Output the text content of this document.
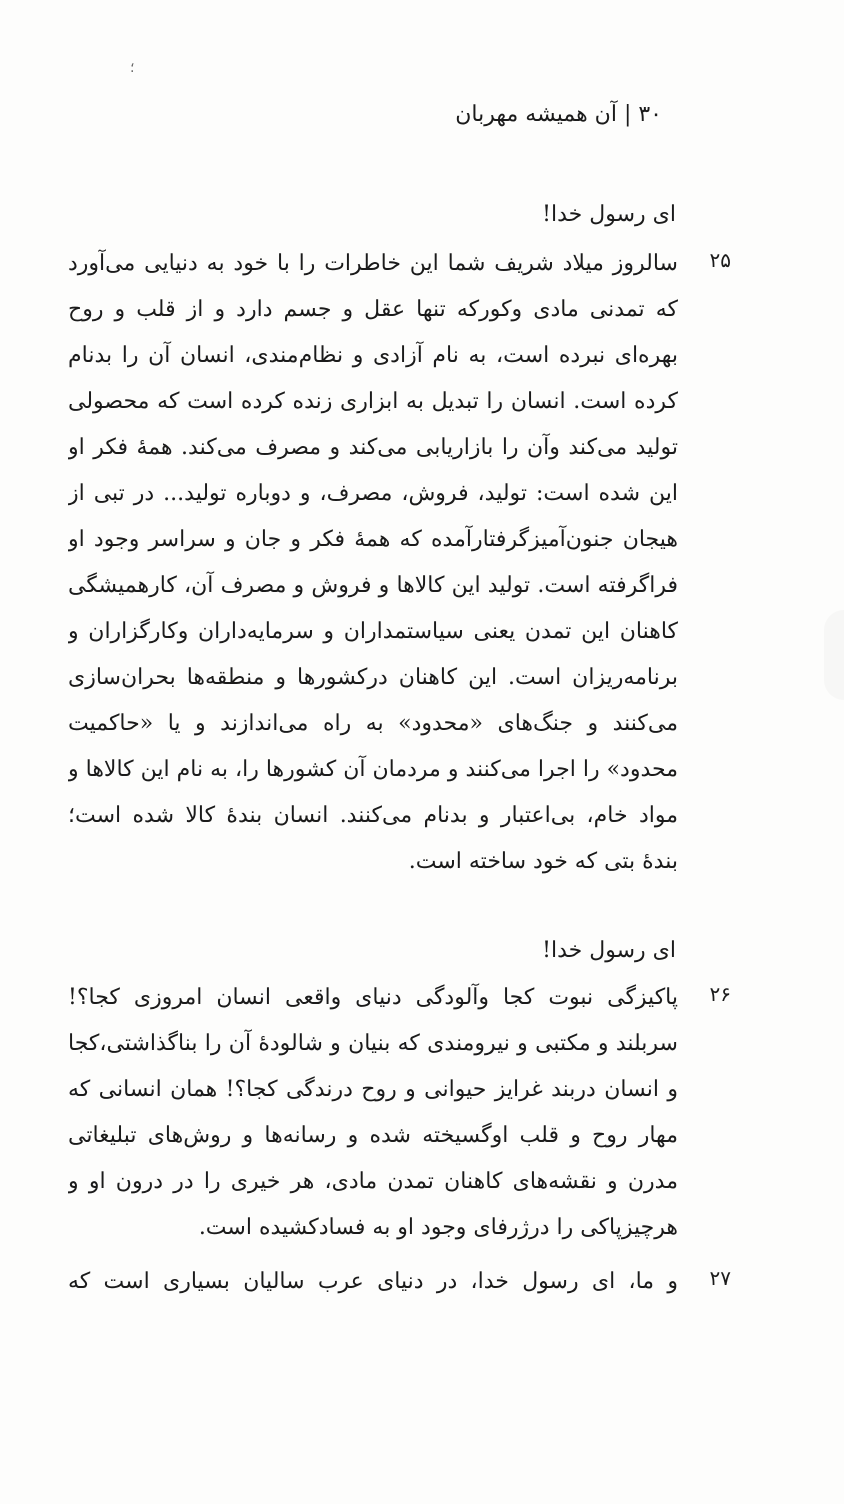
؛
۳۰ | آن همیشه مهربان
ای رسول خدا!
۲۵
سالروز میلاد شریف شما این خاطرات را با خود به دنیایی می‌آورد
که تمدنی مادی وکورکه تنها عقل و جسم دارد و از قلب و روح
بهره‌ای نبرده است، به نام آزادی و نظام‌مندی، انسان آن را بدنام
کرده است. انسان را تبدیل به ابزاری زنده کرده است که محصولی
تولید می‌کند وآن را بازاریابی می‌کند و مصرف می‌کند. همهٔ فکر او
این شده است: تولید، فروش، مصرف، و دوباره تولید... در تبی از
هیجان جنون‌آمیزگرفتارآمده که همهٔ فکر و جان و سراسر وجود او
فراگرفته است. تولید این کالاها و فروش و مصرف آن، کارهمیشگی
کاهنان این تمدن یعنی سیاستمداران و سرمایه‌داران وکارگزاران و
برنامه‌ریزان است. این کاهنان درکشورها و منطقه‌ها بحران‌سازی
می‌کنند و جنگ‌های «محدود» به راه می‌اندازند و یا «حاکمیت
محدود» را اجرا می‌کنند و مردمان آن کشورها را، به نام این کالاها و
مواد خام، بی‌اعتبار و بدنام می‌کنند. انسان بندهٔ کالا شده است؛
بندهٔ بتی که خود ساخته است.
ای رسول خدا!
۲۶
پاکیزگی نبوت کجا وآلودگی دنیای واقعی انسان امروزی کجا؟!
سربلند و مکتبی و نیرومندی که بنیان و شالودهٔ آن را بناگذاشتی،کجا
و انسان دربند غرایز حیوانی و روح درندگی کجا؟! همان انسانی که
مهار روح و قلب اوگسیخته شده و رسانه‌ها و روش‌های تبلیغاتی
مدرن و نقشه‌های کاهنان تمدن مادی، هر خیری را در درون او و
هرچیزپاکی را درژرفای وجود او به فسادکشیده است.
۲۷
و ما، ای رسول خدا، در دنیای عرب سالیان بسیاری است که
